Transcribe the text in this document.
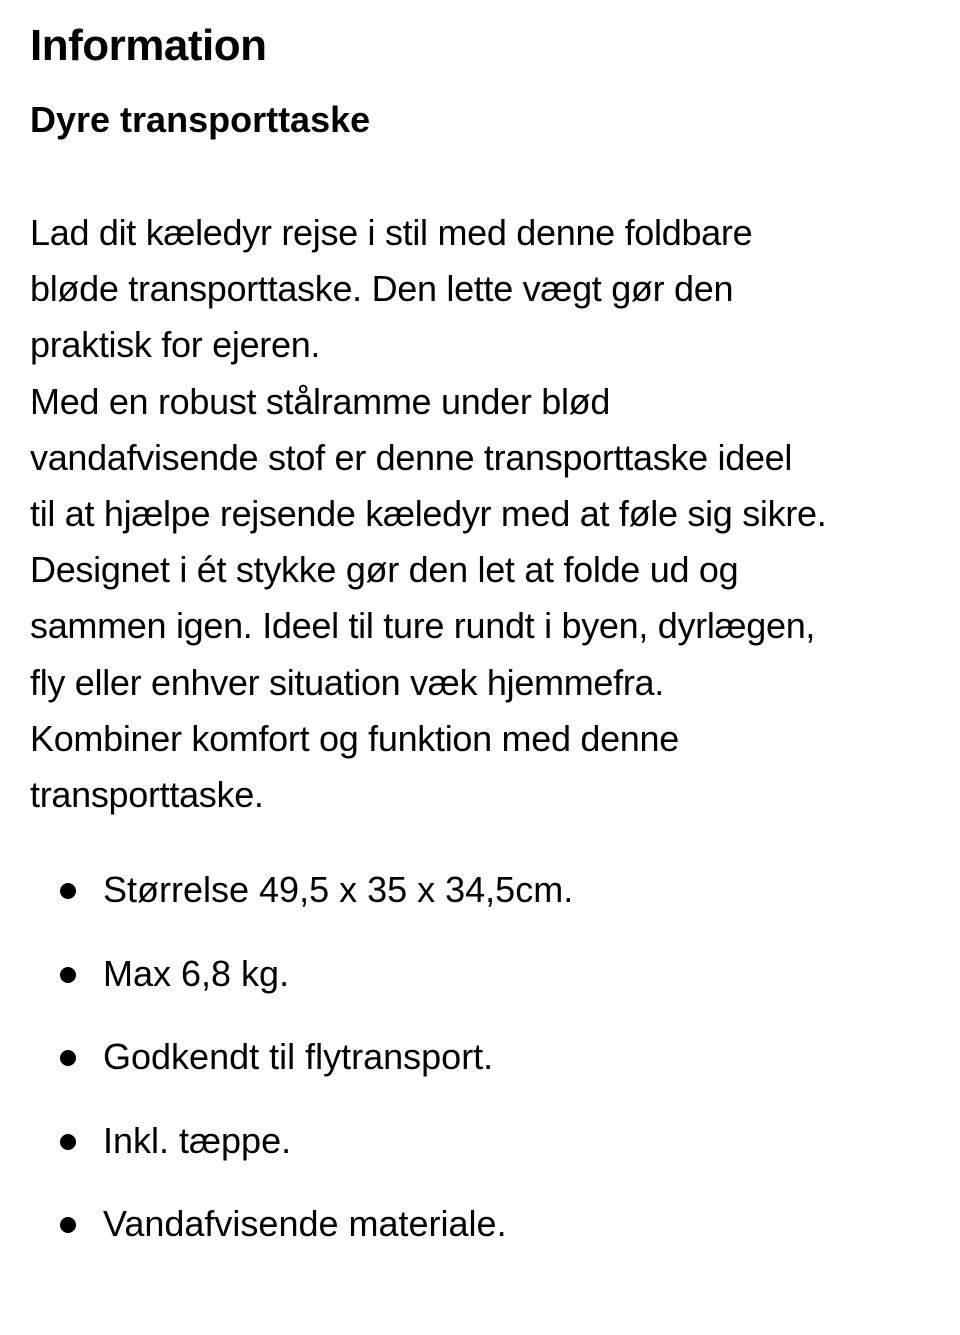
Information
Dyre transporttaske

Lad dit kæledyr rejse i stil med denne foldbare
bløde transporttaske. Den lette vægt gør den
praktisk for ejeren.
Med en robust stålramme under blød
vandafvisende stof er denne transporttaske ideel
til at hjælpe rejsende kæledyr med at føle sig sikre.
Designet i ét stykke gør den let at folde ud og
sammen igen. Ideel til ture rundt i byen, dyrlægen,
fly eller enhver situation væk hjemmefra.
Kombiner komfort og funktion med denne
transporttaske.

Størrelse 49,5 x 35 x 34,5cm.
Max 6,8 kg.
Godkendt til flytransport.
Inkl. tæppe.
Vandafvisende materiale.
